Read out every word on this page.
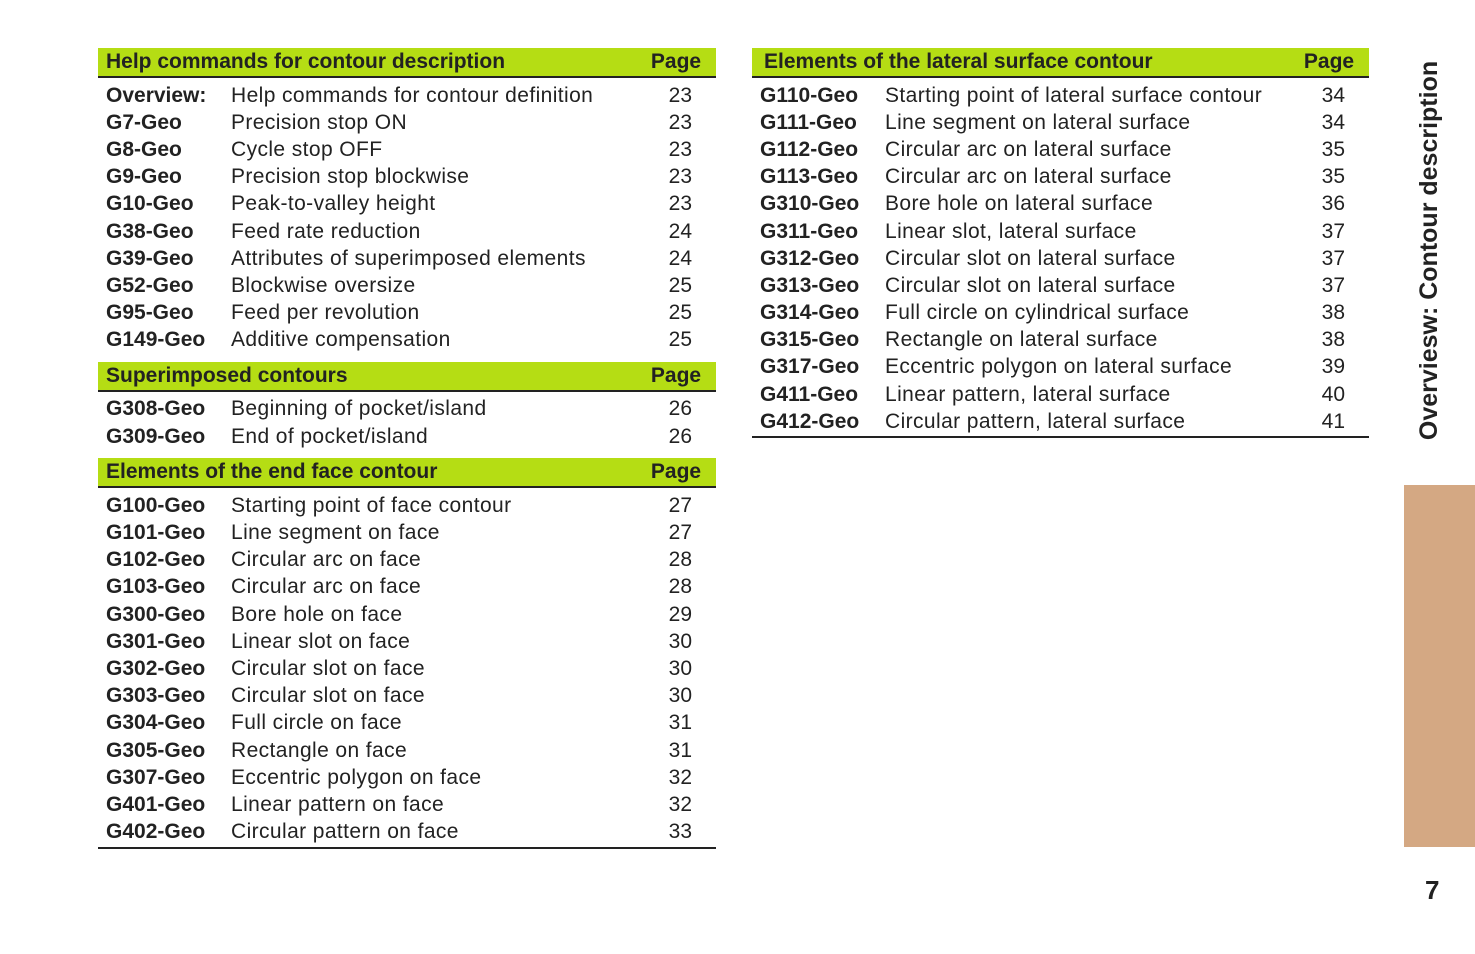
Help commands for contour description	Page
Overview:	Help commands for contour definition	23
G7-Geo	Precision stop ON	23
G8-Geo	Cycle stop OFF	23
G9-Geo	Precision stop blockwise	23
G10-Geo	Peak-to-valley height	23
G38-Geo	Feed rate reduction	24
G39-Geo	Attributes of superimposed elements	24
G52-Geo	Blockwise oversize	25
G95-Geo	Feed per revolution	25
G149-Geo	Additive compensation	25
Superimposed contours	Page
G308-Geo	Beginning of pocket/island	26
G309-Geo	End of pocket/island	26
Elements of the end face contour	Page
G100-Geo	Starting point of face contour	27
G101-Geo	Line segment on face	27
G102-Geo	Circular arc on face	28
G103-Geo	Circular arc on face	28
G300-Geo	Bore hole on face	29
G301-Geo	Linear slot on face	30
G302-Geo	Circular slot on face	30
G303-Geo	Circular slot on face	30
G304-Geo	Full circle on face	31
G305-Geo	Rectangle on face	31
G307-Geo	Eccentric polygon on face	32
G401-Geo	Linear pattern on face	32
G402-Geo	Circular pattern on face	33
Elements of the lateral surface contour	Page
G110-Geo	Starting point of lateral surface contour	34
G111-Geo	Line segment on lateral surface	34
G112-Geo	Circular arc on lateral surface	35
G113-Geo	Circular arc on lateral surface	35
G310-Geo	Bore hole on lateral surface	36
G311-Geo	Linear slot, lateral surface	37
G312-Geo	Circular slot on lateral surface	37
G313-Geo	Circular slot on lateral surface	37
G314-Geo	Full circle on cylindrical surface	38
G315-Geo	Rectangle on lateral surface	38
G317-Geo	Eccentric polygon on lateral surface	39
G411-Geo	Linear pattern, lateral surface	40
G412-Geo	Circular pattern, lateral surface	41	Overviesw: Contour description
7
